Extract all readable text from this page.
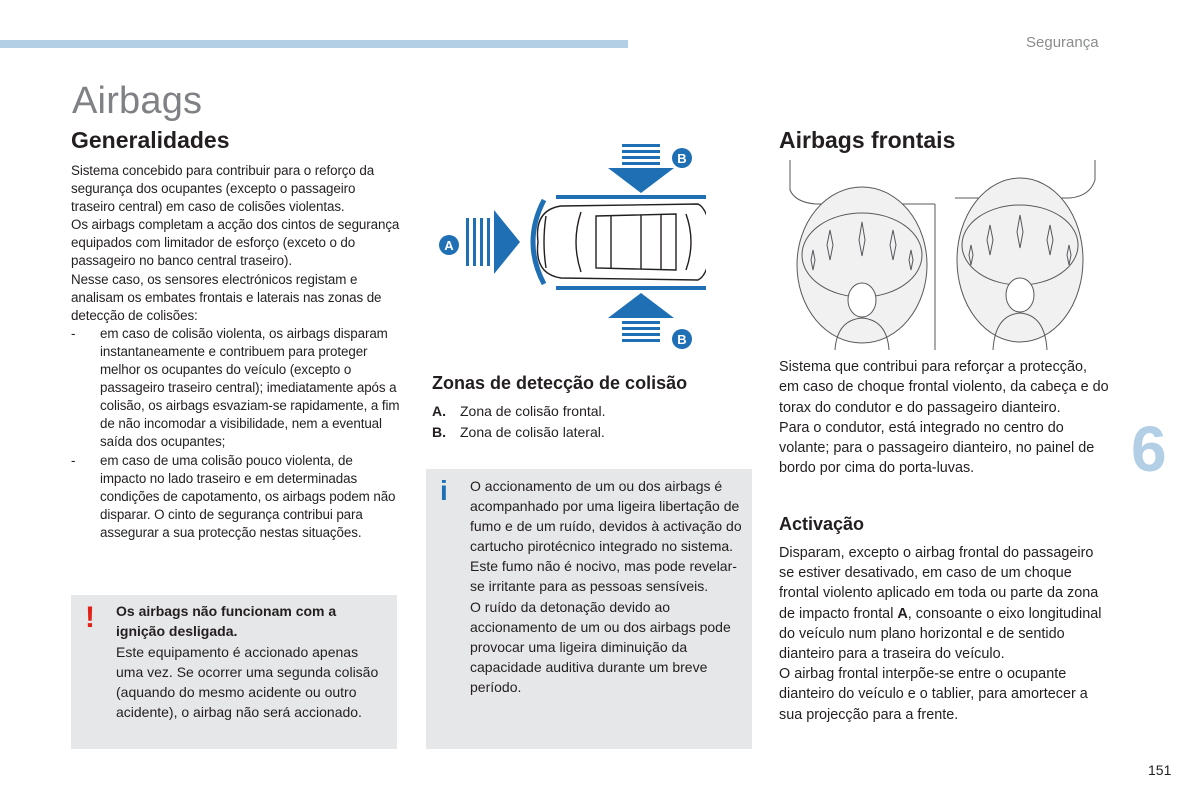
Segurança
Airbags
Generalidades

Sistema concebido para contribuir para o reforço da segurança dos ocupantes (excepto o passageiro traseiro central) em caso de colisões violentas.

Os airbags completam a acção dos cintos de segurança equipados com limitador de esforço (exceto o do passageiro no banco central traseiro).

Nesse caso, os sensores electrónicos registam e analisam os embates frontais e laterais nas zonas de detecção de colisões:

-	em caso de colisão violenta, os airbags disparam instantaneamente e contribuem para proteger melhor os ocupantes do veículo (excepto o passageiro traseiro central); imediatamente após a colisão, os airbags esvaziam-se rapidamente, a fim de não incomodar a visibilidade, nem a eventual saída dos ocupantes;
-	em caso de uma colisão pouco violenta, de impacto no lado traseiro e em determinadas condições de capotamento, os airbags podem não disparar. O cinto de segurança contribui para assegurar a sua protecção nestas situações.
! Os airbags não funcionam com a ignição desligada.
Este equipamento é accionado apenas uma vez. Se ocorrer uma segunda colisão (aquando do mesmo acidente ou outro acidente), o airbag não será accionado.
A
B
B
Zonas de detecção de colisão
A.	Zona de colisão frontal.
B.	Zona de colisão lateral.
i O accionamento de um ou dos airbags é acompanhado por uma ligeira libertação de fumo e de um ruído, devidos à activação do cartucho pirotécnico integrado no sistema.
Este fumo não é nocivo, mas pode revelar-se irritante para as pessoas sensíveis.
O ruído da detonação devido ao accionamento de um ou dos airbags pode provocar uma ligeira diminuição da capacidade auditiva durante um breve período.
Airbags frontais

Sistema que contribui para reforçar a protecção, em caso de choque frontal violento, da cabeça e do torax do condutor e do passageiro dianteiro.

Para o condutor, está integrado no centro do volante; para o passageiro dianteiro, no painel de bordo por cima do porta-luvas.

Activação

Disparam, excepto o airbag frontal do passageiro se estiver desativado, em caso de um choque frontal violento aplicado em toda ou parte da zona de impacto frontal A, consoante o eixo longitudinal do veículo num plano horizontal e de sentido dianteiro para a traseira do veículo.

O airbag frontal interpõe-se entre o ocupante dianteiro do veículo e o tablier, para amortecer a sua projecção para a frente.

6
151
